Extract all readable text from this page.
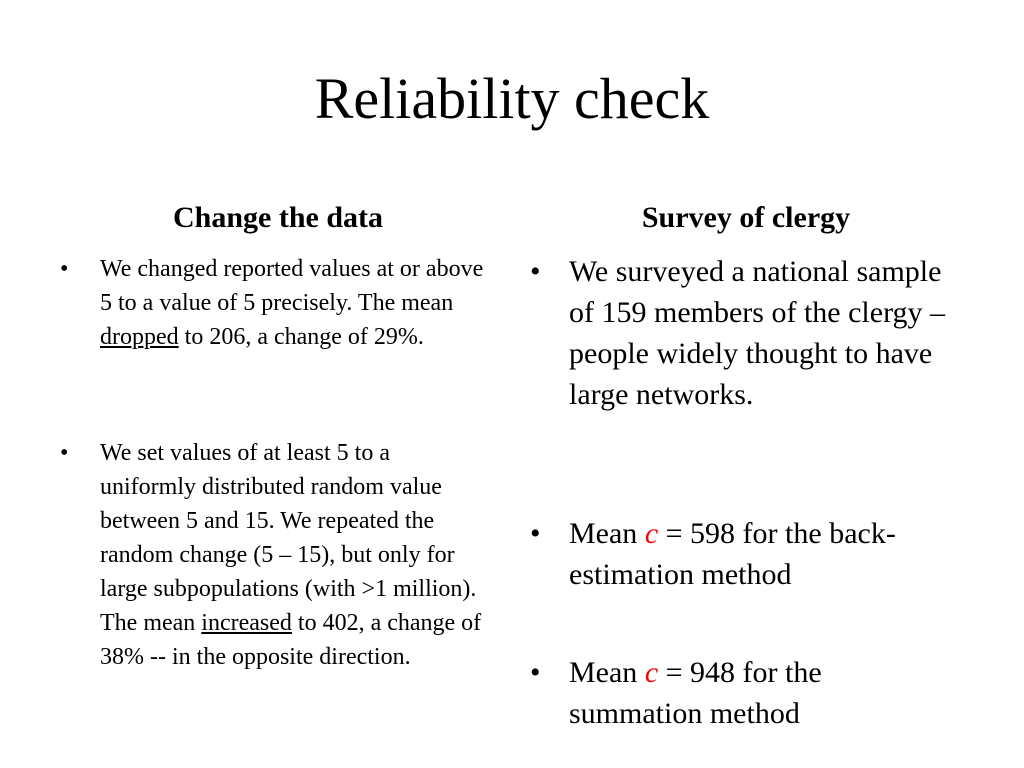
Reliability check
Change the data	Survey of clergy
• We changed reported values at or above 5 to a value of 5 precisely. The mean dropped to 206, a change of 29%.
• We set values of at least 5 to a uniformly distributed random value between 5 and 15. We repeated the random change (5 – 15), but only for large subpopulations (with >1 million). The mean increased to 402, a change of 38% -- in the opposite direction.
• We surveyed a national sample of 159 members of the clergy – people widely thought to have large networks.
• Mean c = 598 for the back-estimation method
• Mean c = 948 for the summation method
